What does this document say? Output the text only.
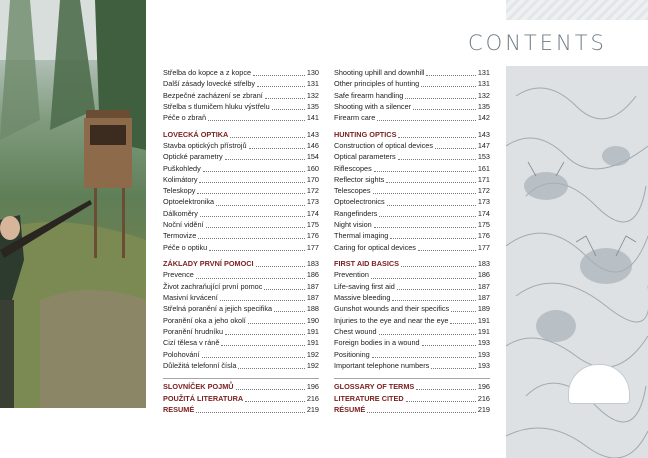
CONTENTS
Střelba do kopce a z kopce	130
Další zásady lovecké střelby	131
Bezpečné zacházení se zbraní	132
Střelba s tlumičem hluku výstřelu	135
Péče o zbraň	141
LOVECKÁ OPTIKA	143
Stavba optických přístrojů	146
Optické parametry	154
Puškohledy	160
Kolimátory	170
Teleskopy	172
Optoelektronika	173
Dálkoměry	174
Noční vidění	175
Termovize	176
Péče o optiku	177
ZÁKLADY PRVNÍ POMOCI	183
Prevence	186
Život zachraňující první pomoc	187
Masivní krvácení	187
Střelná poranění a jejich specifika	188
Poranění oka a jeho okolí	190
Poranění hrudníku	191
Cizí tělesa v ráně	191
Polohování	192
Důležitá telefonní čísla	192
SLOVNÍČEK POJMŮ	196
POUŽITÁ LITERATURA	216
RESUMÉ	219
Shooting uphill and downhill	131
Other principles of hunting	131
Safe firearm handling	132
Shooting with a silencer	135
Firearm care	142
HUNTING OPTICS	143
Construction of optical devices	147
Optical parameters	153
Riflescopes	161
Reflector sights	171
Telescopes	172
Optoelectronics	173
Rangefinders	174
Night vision	175
Thermal imaging	176
Caring for optical devices	177
FIRST AID BASICS	183
Prevention	186
Life-saving first aid	187
Massive bleeding	187
Gunshot wounds and their specifics	189
Injuries to the eye and near the eye	191
Chest wound	191
Foreign bodies in a wound	193
Positioning	193
Important telephone numbers	193
GLOSSARY OF TERMS	196
LITERATURE CITED	216
RÉSUMÉ	219
